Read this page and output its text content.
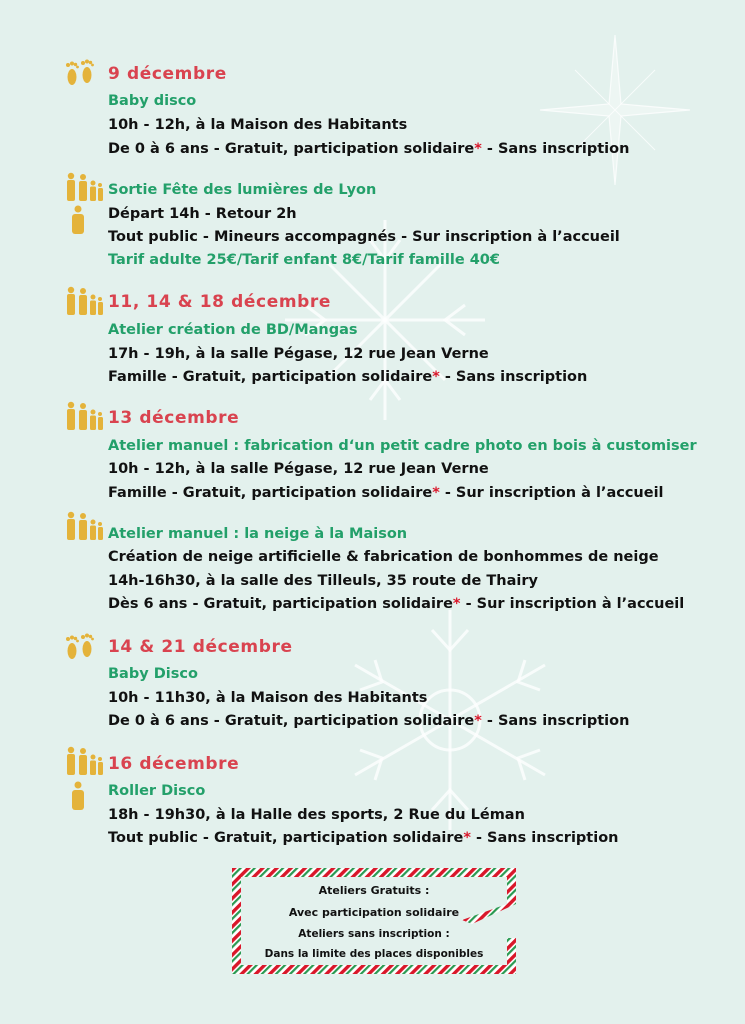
9 décembre
Baby disco
10h - 12h, à la Maison des Habitants
De 0 à 6 ans - Gratuit, participation solidaire* - Sans inscription
Sortie Fête des lumières de Lyon
Départ 14h - Retour 2h
Tout public - Mineurs accompagnés - Sur inscription à l’accueil
Tarif adulte 25€/Tarif enfant 8€/Tarif famille 40€
11, 14 & 18 décembre
Atelier création de BD/Mangas
17h - 19h, à la salle Pégase, 12 rue Jean Verne
Famille - Gratuit, participation solidaire* - Sans inscription
13 décembre
Atelier manuel : fabrication d‘un petit cadre photo en bois à customiser
10h - 12h, à la salle Pégase, 12 rue Jean Verne
Famille - Gratuit, participation solidaire* - Sur inscription à l’accueil
Atelier manuel : la neige à la Maison
Création de neige artificielle & fabrication de bonhommes de neige
14h-16h30, à la salle des Tilleuls, 35 route de Thairy
Dès 6 ans - Gratuit, participation solidaire* - Sur inscription à l’accueil
14 & 21 décembre
Baby Disco
10h - 11h30, à la Maison des Habitants
De 0 à 6 ans - Gratuit, participation solidaire* - Sans inscription
16 décembre
Roller Disco
18h - 19h30, à la Halle des sports, 2 Rue du Léman
Tout public - Gratuit, participation solidaire* - Sans inscription
Ateliers Gratuits :
Avec participation solidaire
Ateliers sans inscription :
Dans la limite des places disponibles
